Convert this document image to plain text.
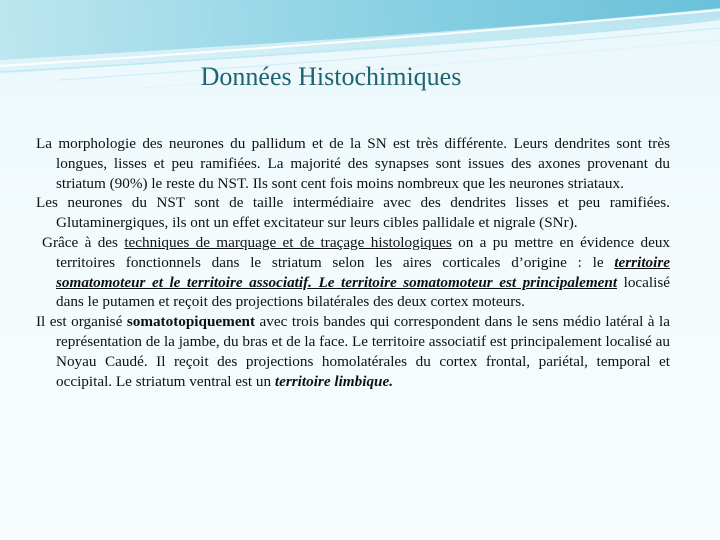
Données Histochimiques

La morphologie des neurones du pallidum et de la SN est très différente. Leurs dendrites sont très longues, lisses et peu ramifiées. La majorité des synapses sont issues des axones provenant du striatum (90%) le reste du NST. Ils sont cent fois moins nombreux que les neurones striataux.

Les neurones du NST sont de taille intermédiaire avec des dendrites lisses et peu ramifiées. Glutaminergiques, ils ont un effet excitateur sur leurs cibles pallidale et nigrale (SNr).

Grâce à des techniques de marquage et de traçage histologiques on a pu mettre en évidence deux territoires fonctionnels dans le striatum selon les aires corticales d’origine : le territoire somatomoteur et le territoire associatif. Le territoire somatomoteur est principalement localisé dans le putamen et reçoit des projections bilatérales des deux cortex moteurs.

Il est organisé somatotopiquement avec trois bandes qui correspondent dans le sens médio latéral à la représentation de la jambe, du bras et de la face. Le territoire associatif est principalement localisé au Noyau Caudé. Il reçoit des projections homolatérales du cortex frontal, pariétal, temporal et occipital. Le striatum ventral est un territoire limbique.
